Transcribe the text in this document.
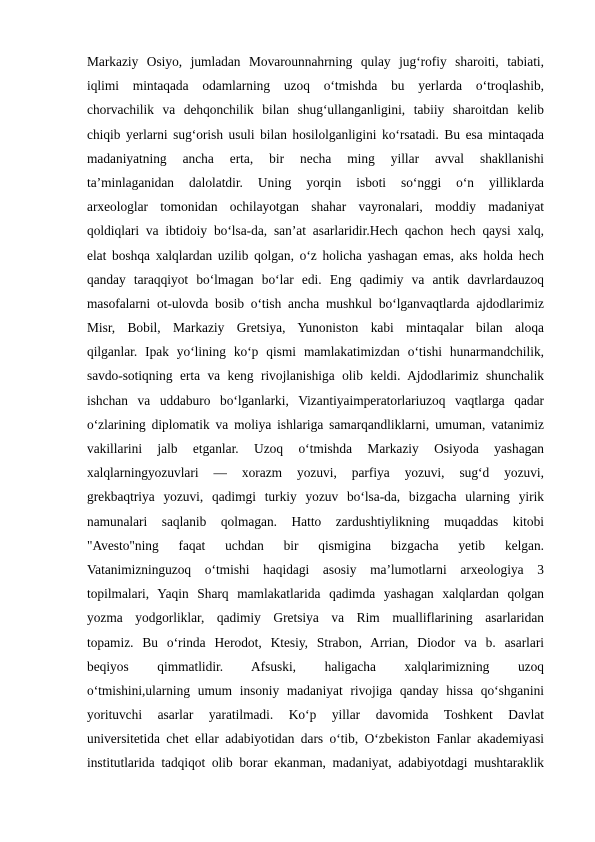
Markaziy Osiyo, jumladan Movarounnahrning qulay jug‘rofiy sharoiti, tabiati,
iqlimi mintaqada odamlarning uzoq o‘tmishda bu yerlarda o‘troqlashib,
chorvachilik va dehqonchilik bilan shug‘ullanganligini, tabiiy sharoitdan kelib
chiqib yerlarni sug‘orish usuli bilan hosilolganligini ko‘rsatadi. Bu esa mintaqada
madaniyatning ancha erta, bir necha ming yillar avval shakllanishi
ta’minlaganidan dalolatdir. Uning yorqin isboti so‘nggi o‘n yilliklarda
arxeologlar tomonidan ochilayotgan shahar vayronalari, moddiy madaniyat
qoldiqlari va ibtidoiy bo‘lsa-da, san’at asarlaridir.Hech qachon hech qaysi xalq,
elat boshqa xalqlardan uzilib qolgan, o‘z holicha yashagan emas, aks holda hech
qanday taraqqiyot bo‘lmagan bo‘lar edi. Eng qadimiy va antik davrlardauzoq
masofalarni ot-ulovda bosib o‘tish ancha mushkul bo‘lganvaqtlarda ajdodlarimiz
Misr, Bobil, Markaziy Gretsiya, Yunoniston kabi mintaqalar bilan aloqa
qilganlar. Ipak yo‘lining ko‘p qismi mamlakatimizdan o‘tishi hunarmandchilik,
savdo-sotiqning erta va keng rivojlanishiga olib keldi. Ajdodlarimiz shunchalik
ishchan va uddaburo bo‘lganlarki, Vizantiyaimperatorlariuzoq vaqtlarga qadar
o‘zlarining diplomatik va moliya ishlariga samarqandliklarni, umuman, vatanimiz
vakillarini jalb etganlar. Uzoq o‘tmishda Markaziy Osiyoda yashagan
xalqlarningyozuvlari — xorazm yozuvi, parfiya yozuvi, sug‘d yozuvi,
grekbaqtriya yozuvi, qadimgi turkiy yozuv bo‘lsa-da, bizgacha ularning yirik
namunalari saqlanib qolmagan. Hatto zardushtiylikning muqaddas kitobi
"Avesto"ning faqat uchdan bir qismigina bizgacha yetib kelgan.
Vatanimizninguzoq o‘tmishi haqidagi asosiy ma’lumotlarni arxeologiya 3
topilmalari, Yaqin Sharq mamlakatlarida qadimda yashagan xalqlardan qolgan
yozma yodgorliklar, qadimiy Gretsiya va Rim mualliflarining asarlaridan
topamiz. Bu o‘rinda Herodot, Ktesiy, Strabon, Arrian, Diodor va b. asarlari
beqiyos qimmatlidir. Afsuski, haligacha xalqlarimizning uzoq
o‘tmishini,ularning umum insoniy madaniyat rivojiga qanday hissa qo‘shganini
yorituvchi asarlar yaratilmadi. Ko‘p yillar davomida Toshkent Davlat
universitetida chet ellar adabiyotidan dars o‘tib, O‘zbekiston Fanlar akademiyasi
institutlarida tadqiqot olib borar ekanman, madaniyat, adabiyotdagi mushtaraklik
